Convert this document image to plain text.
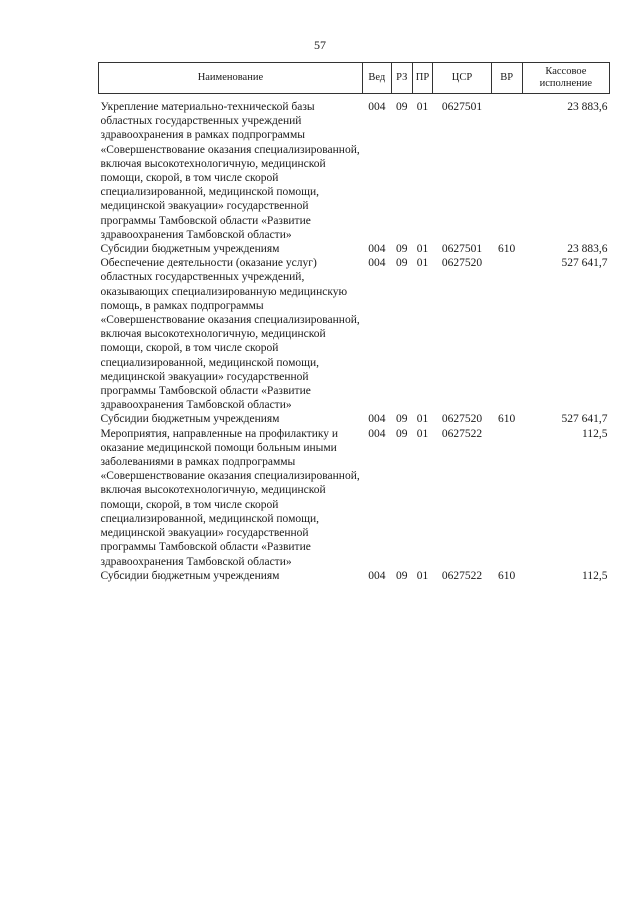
57
Наименование	Вед	РЗ	ПР	ЦСР	ВР	Кассовое исполнение
Укрепление материально-технической базы областных государственных учреждений здравоохранения в рамках подпрограммы «Совершенствование оказания специализированной, включая высокотехнологичную, медицинской помощи, скорой, в том числе скорой специализированной, медицинской помощи, медицинской эвакуации» государственной программы Тамбовской области «Развитие здравоохранения Тамбовской области»	004	09	01	0627501		23 883,6
Субсидии бюджетным учреждениям	004	09	01	0627501	610	23 883,6
Обеспечение деятельности (оказание услуг) областных государственных учреждений, оказывающих специализированную медицинскую помощь, в рамках подпрограммы «Совершенствование оказания специализированной, включая высокотехнологичную, медицинской помощи, скорой, в том числе скорой специализированной, медицинской помощи, медицинской эвакуации» государственной программы Тамбовской области «Развитие здравоохранения Тамбовской области»	004	09	01	0627520		527 641,7
Субсидии бюджетным учреждениям	004	09	01	0627520	610	527 641,7
Мероприятия, направленные на профилактику и оказание медицинской помощи больным иными заболеваниями в рамках подпрограммы «Совершенствование оказания специализированной, включая высокотехнологичную, медицинской помощи, скорой, в том числе скорой специализированной, медицинской помощи, медицинской эвакуации» государственной программы Тамбовской области «Развитие здравоохранения Тамбовской области»	004	09	01	0627522		112,5
Субсидии бюджетным учреждениям	004	09	01	0627522	610	112,5
